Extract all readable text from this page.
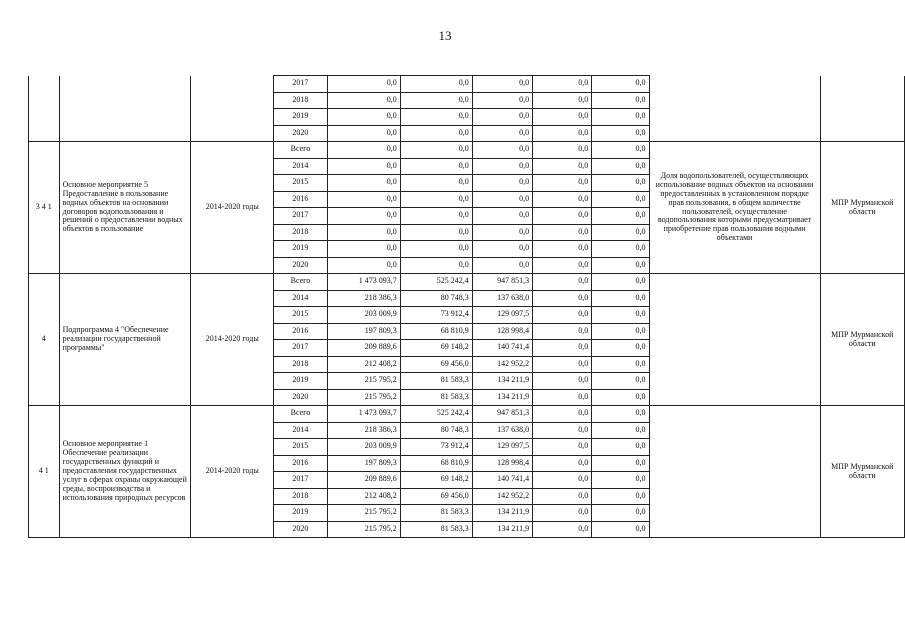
13
			2017	0,0	0,0	0,0	0,0	0,0		
			2018	0,0	0,0	0,0	0,0	0,0		
			2019	0,0	0,0	0,0	0,0	0,0		
			2020	0,0	0,0	0,0	0,0	0,0		
3 4 1	Основное мероприятие 5 Предоставление в пользование водных объектов на основании договоров водопользования и решений о предоставлении водных объектов в пользование	2014-2020 годы	Всего	0,0	0,0	0,0	0,0	0,0	Доля водопользователей, осуществляющих использование водных объектов на основании предоставленных в установленном порядке прав пользования, в общем количестве пользователей, осуществление водопользования которыми предусматривает приобретение прав пользования водными объектами	МПР Мурманской области
			2014	0,0	0,0	0,0	0,0	0,0		
			2015	0,0	0,0	0,0	0,0	0,0		
			2016	0,0	0,0	0,0	0,0	0,0		
			2017	0,0	0,0	0,0	0,0	0,0		
			2018	0,0	0,0	0,0	0,0	0,0		
			2019	0,0	0,0	0,0	0,0	0,0		
			2020	0,0	0,0	0,0	0,0	0,0		
4	Подпрограмма 4 "Обеспечение реализации государственной программы"	2014-2020 годы	Всего	1 473 093,7	525 242,4	947 851,3	0,0	0,0		МПР Мурманской области
			2014	218 386,3	80 748,3	137 638,0	0,0	0,0		
			2015	203 009,9	73 912,4	129 097,5	0,0	0,0		
			2016	197 809,3	68 810,9	128 998,4	0,0	0,0		
			2017	209 889,6	69 148,2	140 741,4	0,0	0,0		
			2018	212 408,2	69 456,0	142 952,2	0,0	0,0		
			2019	215 795,2	81 583,3	134 211,9	0,0	0,0		
			2020	215 795,2	81 583,3	134 211,9	0,0	0,0		
4 1	Основное мероприятие 1 Обеспечение реализации государственных функций и предоставления государственных услуг в сферах охраны окружающей среды, воспроизводства и использования природных ресурсов	2014-2020 годы	Всего	1 473 093,7	525 242,4	947 851,3	0,0	0,0		МПР Мурманской области
			2014	218 386,3	80 748,3	137 638,0	0,0	0,0		
			2015	203 009,9	73 912,4	129 097,5	0,0	0,0		
			2016	197 809,3	68 810,9	128 998,4	0,0	0,0		
			2017	209 889,6	69 148,2	140 741,4	0,0	0,0		
			2018	212 408,2	69 456,0	142 952,2	0,0	0,0		
			2019	215 795,2	81 583,3	134 211,9	0,0	0,0		
			2020	215 795,2	81 583,3	134 211,9	0,0	0,0		
